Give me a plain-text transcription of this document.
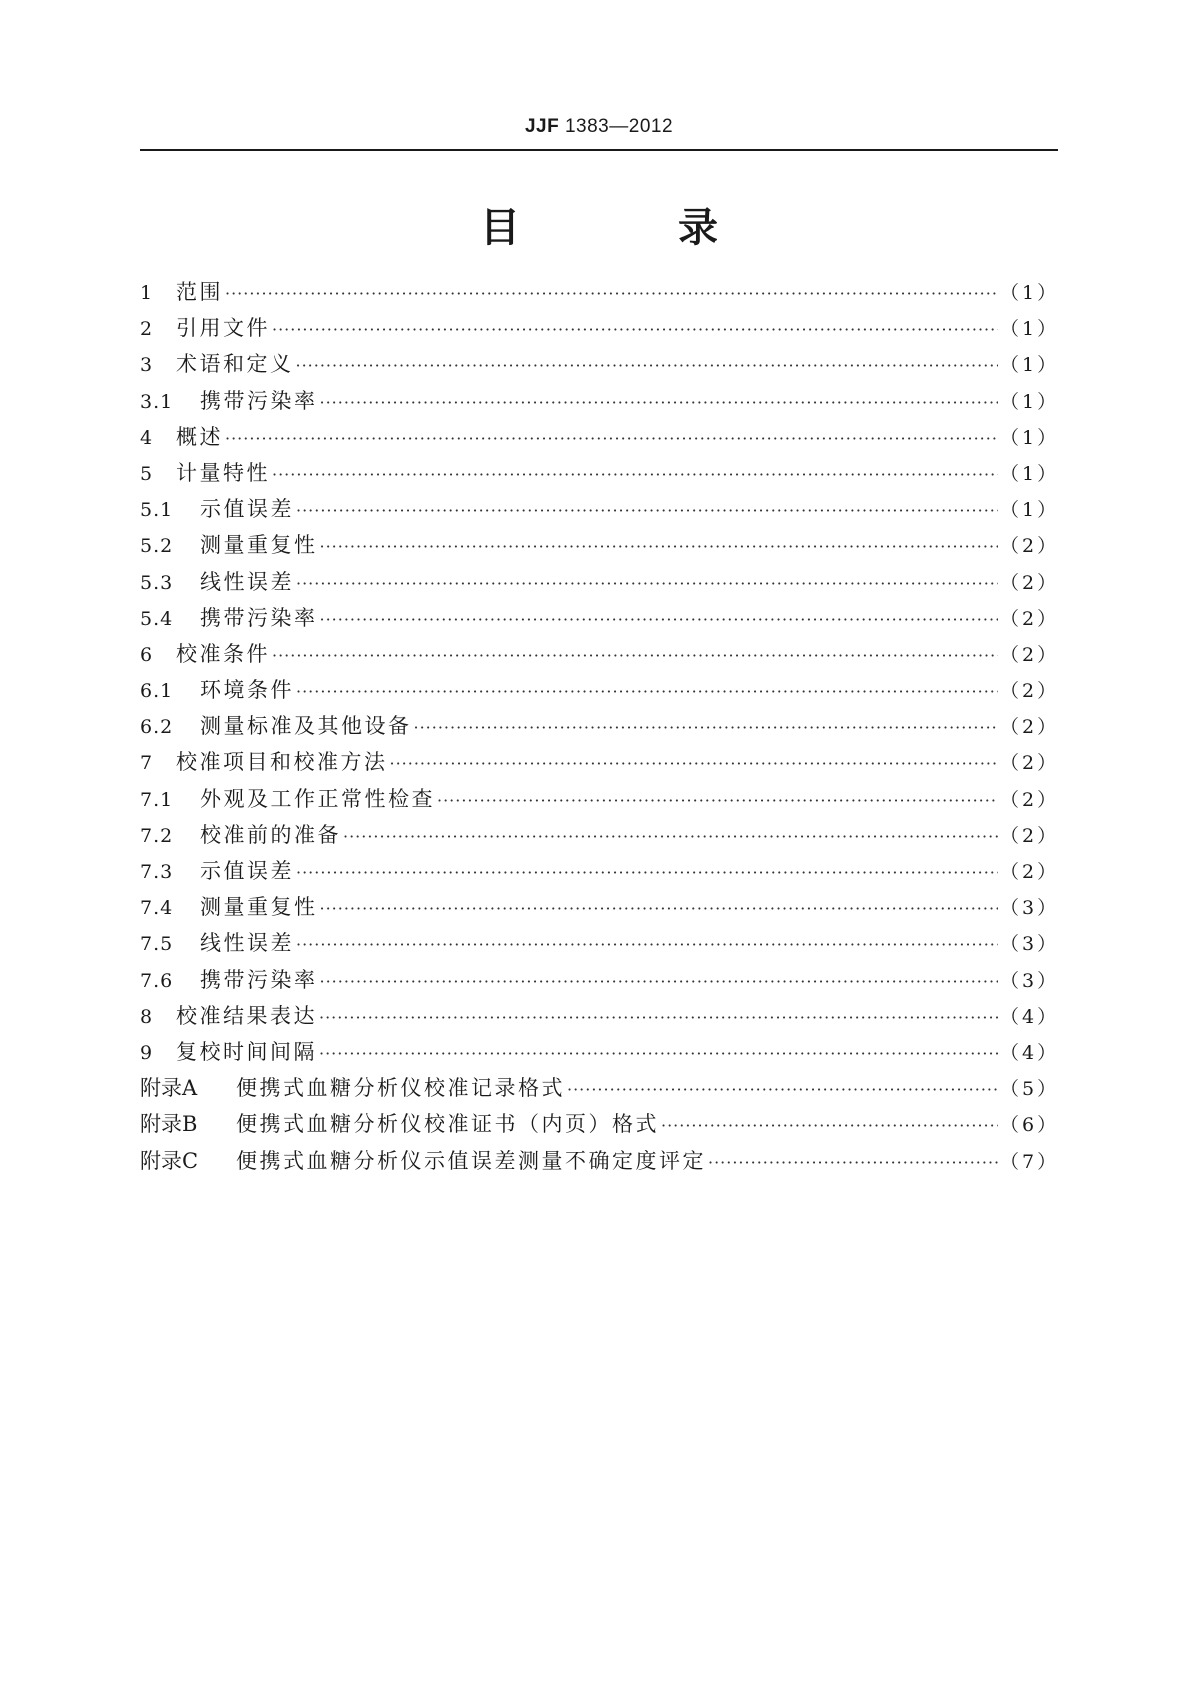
JJF 1383—2012
目 录
1	范围 ·····	（1）
2	引用文件 ·····	（1）
3	术语和定义 ·····	（1）
3.1	携带污染率 ·····	（1）
4	概述 ·····	（1）
5	计量特性 ·····	（1）
5.1	示值误差 ·····	（1）
5.2	测量重复性 ·····	（2）
5.3	线性误差 ·····	（2）
5.4	携带污染率 ·····	（2）
6	校准条件 ·····	（2）
6.1	环境条件 ·····	（2）
6.2	测量标准及其他设备 ·····	（2）
7	校准项目和校准方法 ·····	（2）
7.1	外观及工作正常性检查 ·····	（2）
7.2	校准前的准备 ·····	（2）
7.3	示值误差 ·····	（2）
7.4	测量重复性 ·····	（3）
7.5	线性误差 ·····	（3）
7.6	携带污染率 ·····	（3）
8	校准结果表达 ·····	（4）
9	复校时间间隔 ·····	（4）
附录A	便携式血糖分析仪校准记录格式 ·····	（5）
附录B	便携式血糖分析仪校准证书（内页）格式 ·····	（6）
附录C	便携式血糖分析仪示值误差测量不确定度评定 ·····	（7）
